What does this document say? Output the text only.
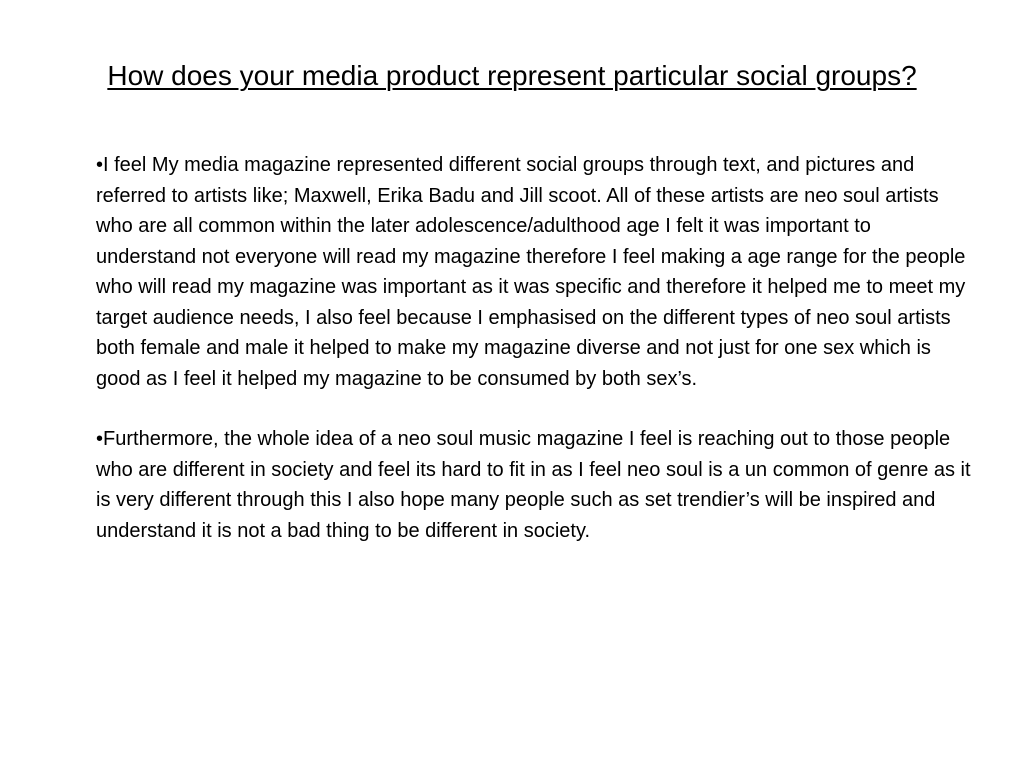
How does your media product represent particular social groups?

•I feel My media magazine represented different social groups through text, and pictures and referred to artists like; Maxwell, Erika Badu and Jill scoot. All of these artists are neo soul artists who are all common within the later adolescence/adulthood age I felt it was important to understand not everyone will read my magazine therefore I feel making a age range for the people who will read my magazine was important as it was specific and therefore it helped me to meet my target audience needs, I also feel because I emphasised on the different types of neo soul artists both female and male it helped to make my magazine diverse and not just for one sex which is good as I feel it helped my magazine to be consumed by both sex’s.

•Furthermore, the whole idea of a neo soul music magazine I feel is reaching out to those people who are different in society and feel its hard to fit in as I feel neo soul is a un common of genre as it is very different through this I also hope many people such as set trendier’s will be inspired and understand it is not a bad thing to be different in society.
